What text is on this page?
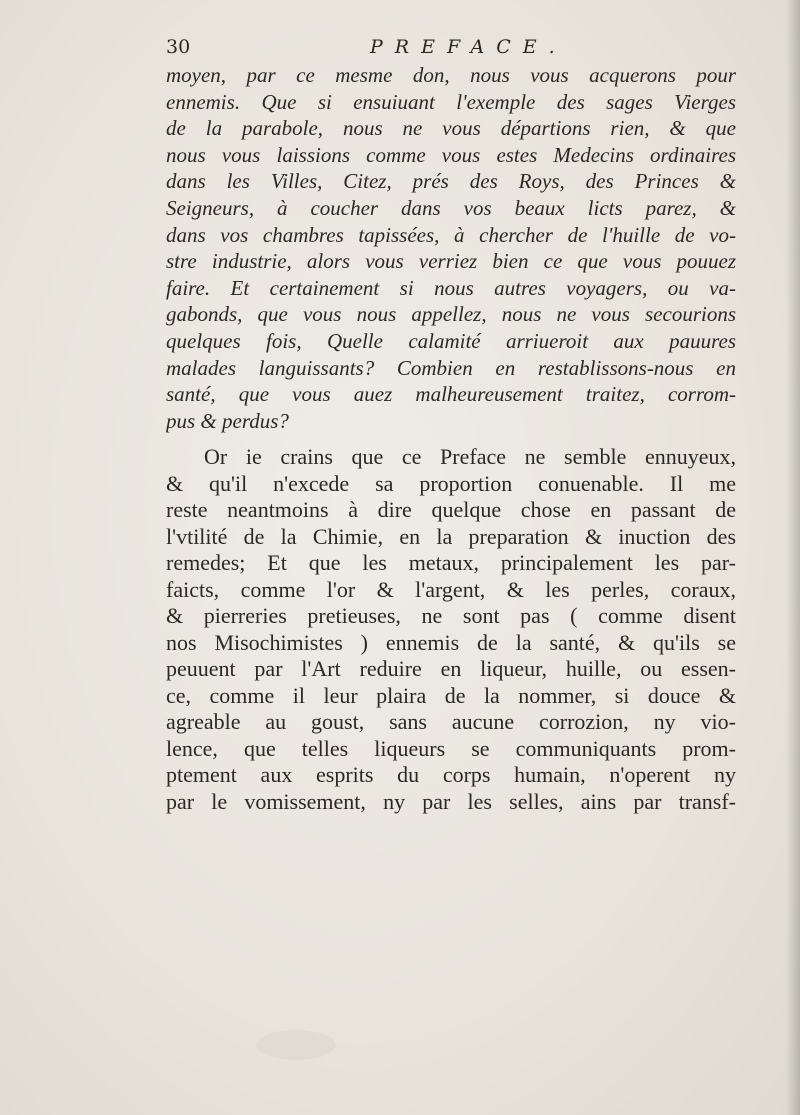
30	PREFACE.
moyen, par ce mesme don, nous vous acquerons pour
ennemis. Que si ensuiuant l'exemple des sages Vierges
de la parabole, nous ne vous départions rien, & que
nous vous laissions comme vous estes Medecins ordinaires
dans les Villes, Citez, prés des Roys, des Princes &
Seigneurs, à coucher dans vos beaux licts parez, &
dans vos chambres tapissées, à chercher de l'huille de vo-
stre industrie, alors vous verriez bien ce que vous pouuez
faire. Et certainement si nous autres voyagers, ou va-
gabonds, que vous nous appellez, nous ne vous secourions
quelques fois, Quelle calamité arriueroit aux pauures
malades languissants? Combien en restablissons-nous en
santé, que vous auez malheureusement traitez, corrom-
pus & perdus?
Or ie crains que ce Preface ne semble ennuyeux,
& qu'il n'excede sa proportion conuenable. Il me
reste neantmoins à dire quelque chose en passant de
l'vtilité de la Chimie, en la preparation & inuction des
remedes; Et que les metaux, principalement les par-
faicts, comme l'or & l'argent, & les perles, coraux,
& pierreries pretieuses, ne sont pas ( comme disent
nos Misochimistes ) ennemis de la santé, & qu'ils se
peuuent par l'Art reduire en liqueur, huille, ou essen-
ce, comme il leur plaira de la nommer, si douce &
agreable au goust, sans aucune corrozion, ny vio-
lence, que telles liqueurs se communiquants prom-
ptement aux esprits du corps humain, n'operent ny
par le vomissement, ny par les selles, ains par transf-
